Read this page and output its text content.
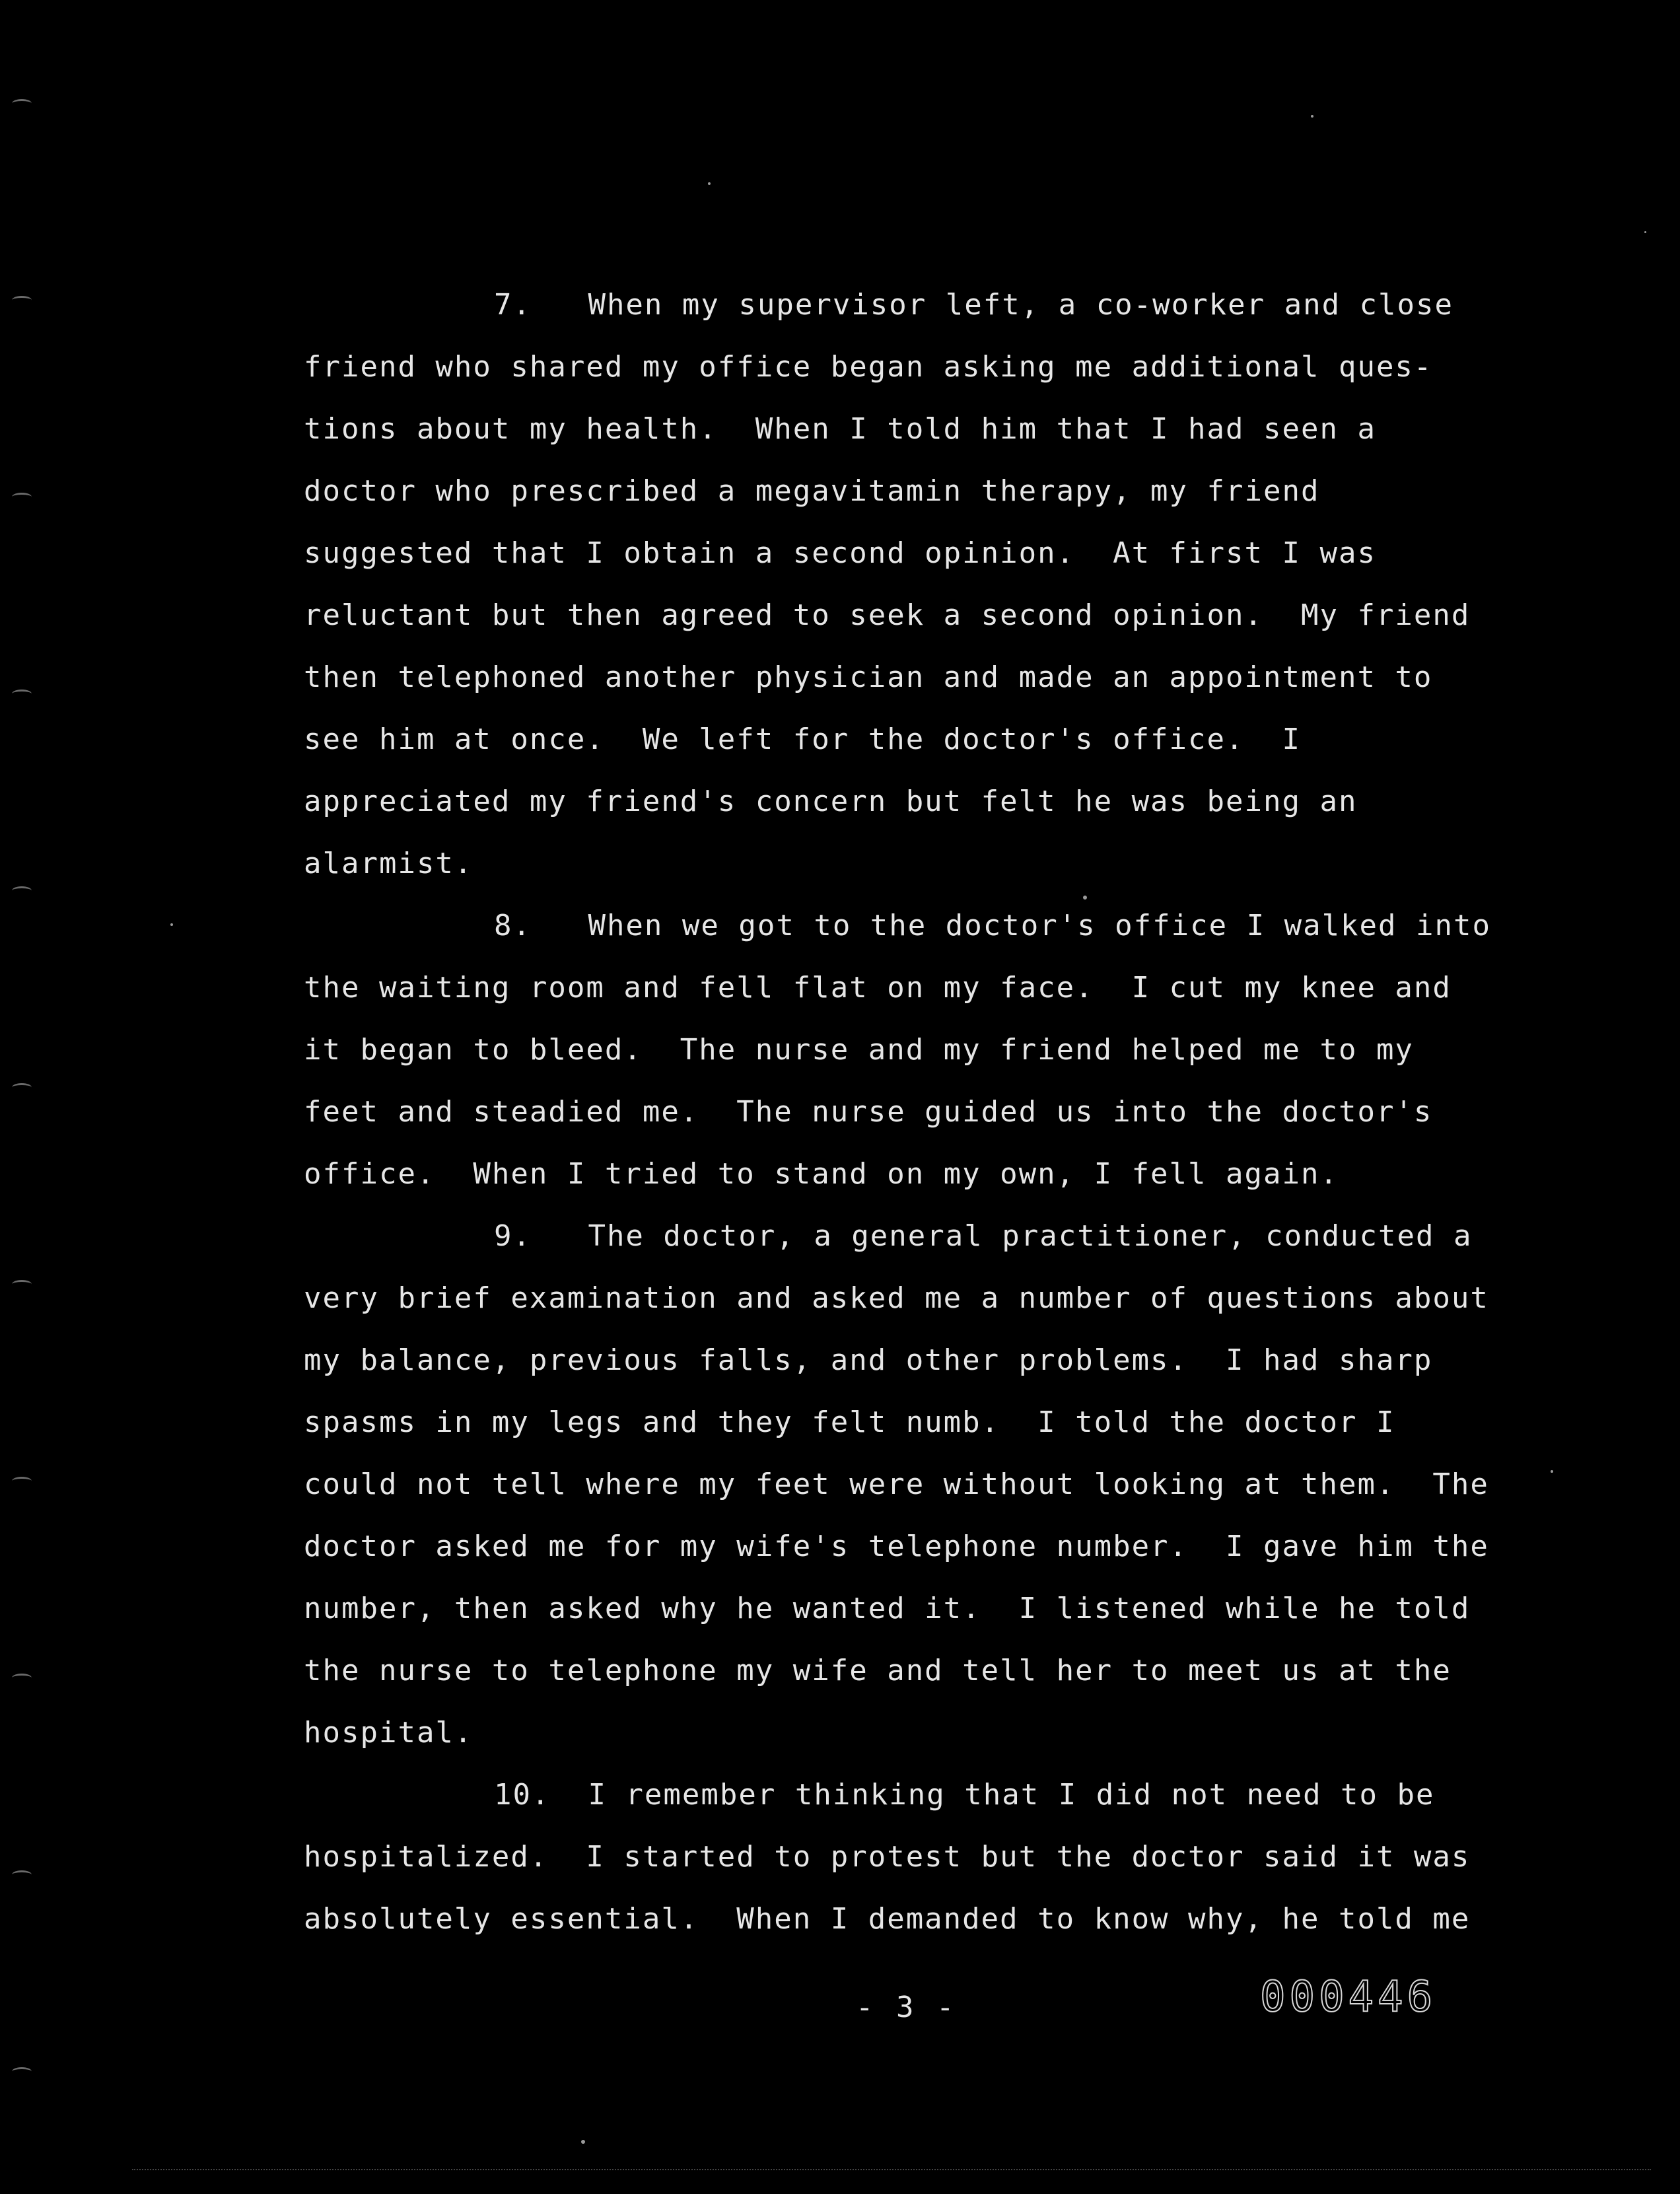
7.   When my supervisor left, a co-worker and close
friend who shared my office began asking me additional ques-
tions about my health.  When I told him that I had seen a
doctor who prescribed a megavitamin therapy, my friend
suggested that I obtain a second opinion.  At first I was
reluctant but then agreed to seek a second opinion.  My friend
then telephoned another physician and made an appointment to
see him at once.  We left for the doctor's office.  I
appreciated my friend's concern but felt he was being an
alarmist.
8.   When we got to the doctor's office I walked into
the waiting room and fell flat on my face.  I cut my knee and
it began to bleed.  The nurse and my friend helped me to my
feet and steadied me.  The nurse guided us into the doctor's
office.  When I tried to stand on my own, I fell again.
9.   The doctor, a general practitioner, conducted a
very brief examination and asked me a number of questions about
my balance, previous falls, and other problems.  I had sharp
spasms in my legs and they felt numb.  I told the doctor I
could not tell where my feet were without looking at them.  The
doctor asked me for my wife's telephone number.  I gave him the
number, then asked why he wanted it.  I listened while he told
the nurse to telephone my wife and tell her to meet us at the
hospital.
10.  I remember thinking that I did not need to be
hospitalized.  I started to protest but the doctor said it was
absolutely essential.  When I demanded to know why, he told me
- 3 -	000446
